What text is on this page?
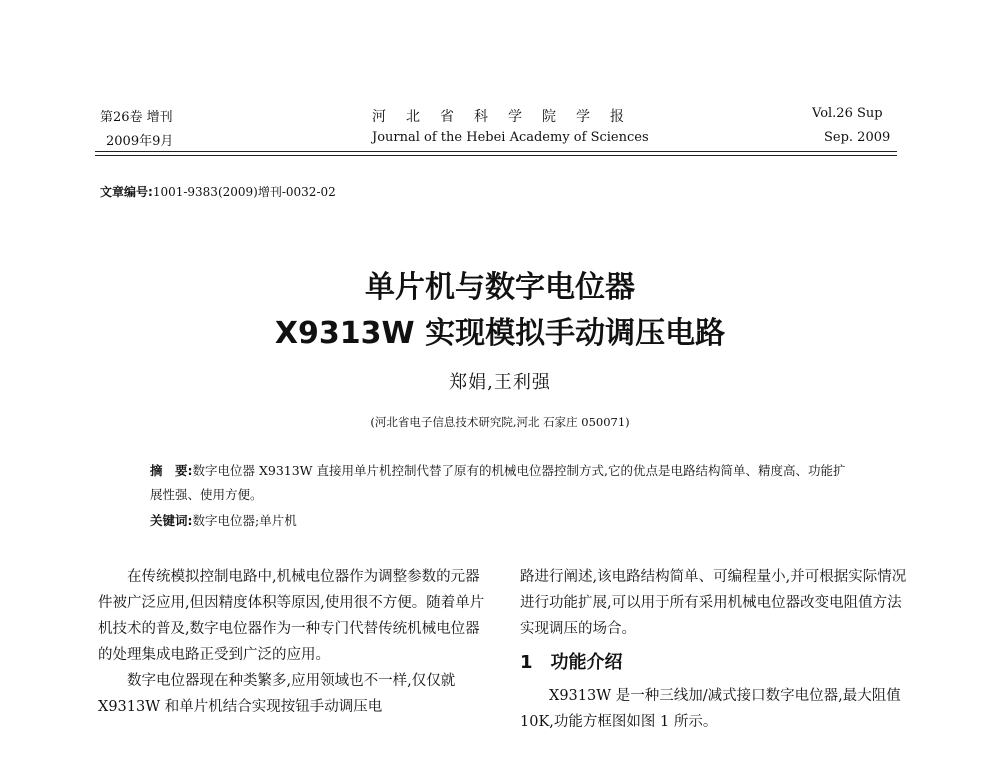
第26卷 增刊
2009年9月
河北省科学院学报
Journal of the Hebei Academy of Sciences
Vol.26 Sup
Sep. 2009
文章编号:1001-9383(2009)增刊-0032-02
单片机与数字电位器
X9313W 实现模拟手动调压电路
郑娟,王利强
(河北省电子信息技术研究院,河北 石家庄 050071)
摘　要:数字电位器 X9313W 直接用单片机控制代替了原有的机械电位器控制方式,它的优点是电路结构简单、精度高、功能扩展性强、使用方便。
关键词:数字电位器;单片机

在传统模拟控制电路中,机械电位器作为调整参数的元器件被广泛应用,但因精度体积等原因,使用很不方便。随着单片机技术的普及,数字电位器作为一种专门代替传统机械电位器的处理集成电路正受到广泛的应用。

数字电位器现在种类繁多,应用领域也不一样,仅仅就 X9313W 和单片机结合实现按钮手动调压电

路进行阐述,该电路结构简单、可编程量小,并可根据实际情况进行功能扩展,可以用于所有采用机械电位器改变电阻值方法实现调压的场合。

1 功能介绍

X9313W 是一种三线加/减式接口数字电位器,最大阻值 10K,功能方框图如图 1 所示。
